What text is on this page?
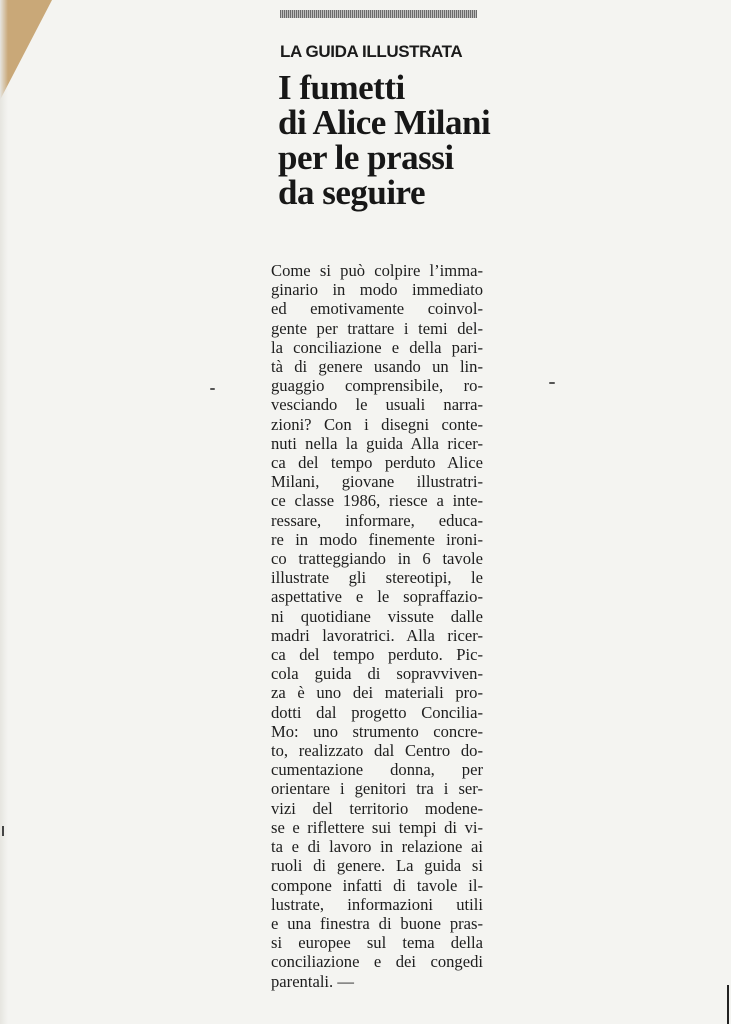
LA GUIDA ILLUSTRATA
I fumetti
di Alice Milani
per le prassi
da seguire
Come si può colpire l’imma-
ginario in modo immediato
ed emotivamente coinvol-
gente per trattare i temi del-
la conciliazione e della pari-
tà di genere usando un lin-
guaggio comprensibile, ro-
vesciando le usuali narra-
zioni? Con i disegni conte-
nuti nella la guida Alla ricer-
ca del tempo perduto Alice
Milani, giovane illustratri-
ce classe 1986, riesce a inte-
ressare, informare, educa-
re in modo finemente ironi-
co tratteggiando in 6 tavole
illustrate gli stereotipi, le
aspettative e le sopraffazio-
ni quotidiane vissute dalle
madri lavoratrici. Alla ricer-
ca del tempo perduto. Pic-
cola guida di sopravviven-
za è uno dei materiali pro-
dotti dal progetto Concilia-
Mo: uno strumento concre-
to, realizzato dal Centro do-
cumentazione donna, per
orientare i genitori tra i ser-
vizi del territorio modene-
se e riflettere sui tempi di vi-
ta e di lavoro in relazione ai
ruoli di genere. La guida si
compone infatti di tavole il-
lustrate, informazioni utili
e una finestra di buone pras-
si europee sul tema della
conciliazione e dei congedi
parentali. —
